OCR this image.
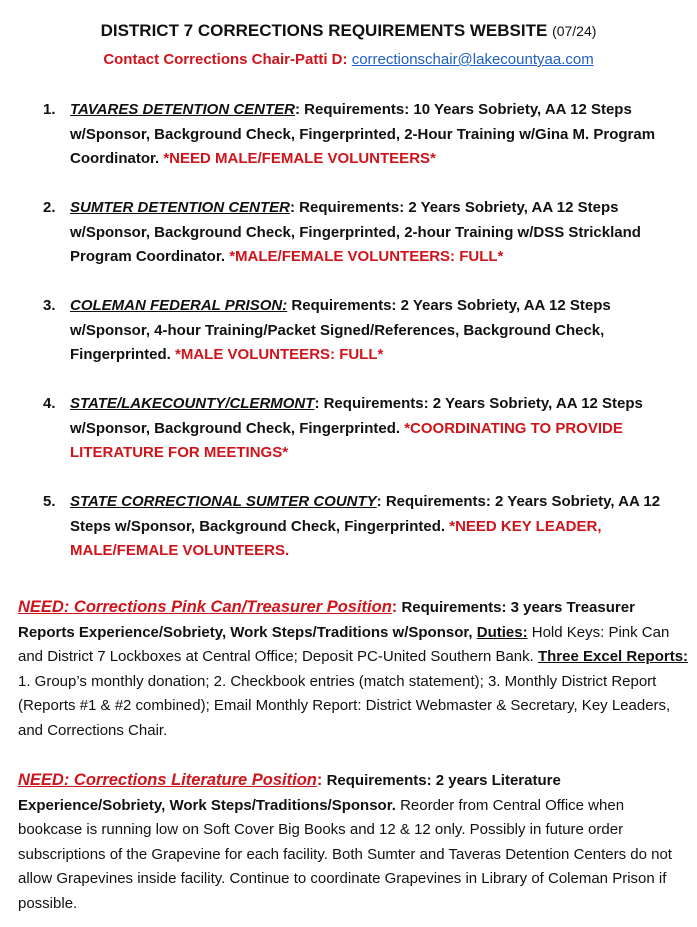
DISTRICT 7 CORRECTIONS REQUIREMENTS WEBSITE (07/24)
Contact Corrections Chair-Patti D: correctionschair@lakecountyaa.com
1. TAVARES DETENTION CENTER: Requirements: 10 Years Sobriety, AA 12 Steps w/Sponsor, Background Check, Fingerprinted, 2-Hour Training w/Gina M. Program Coordinator. *NEED MALE/FEMALE VOLUNTEERS*
2. SUMTER DETENTION CENTER: Requirements: 2 Years Sobriety, AA 12 Steps w/Sponsor, Background Check, Fingerprinted, 2-hour Training w/DSS Strickland Program Coordinator. *MALE/FEMALE VOLUNTEERS: FULL*
3. COLEMAN FEDERAL PRISON: Requirements: 2 Years Sobriety, AA 12 Steps w/Sponsor, 4-hour Training/Packet Signed/References, Background Check, Fingerprinted. *MALE VOLUNTEERS: FULL*
4. STATE/LAKECOUNTY/CLERMONT: Requirements: 2 Years Sobriety, AA 12 Steps w/Sponsor, Background Check, Fingerprinted. *COORDINATING TO PROVIDE LITERATURE FOR MEETINGS*
5. STATE CORRECTIONAL SUMTER COUNTY: Requirements: 2 Years Sobriety, AA 12 Steps w/Sponsor, Background Check, Fingerprinted. *NEED KEY LEADER, MALE/FEMALE VOLUNTEERS.
NEED: Corrections Pink Can/Treasurer Position: Requirements: 3 years Treasurer Reports Experience/Sobriety, Work Steps/Traditions w/Sponsor, Duties: Hold Keys: Pink Can and District 7 Lockboxes at Central Office; Deposit PC-United Southern Bank. Three Excel Reports: 1. Group’s monthly donation; 2. Checkbook entries (match statement); 3. Monthly District Report (Reports #1 & #2 combined); Email Monthly Report: District Webmaster & Secretary, Key Leaders, and Corrections Chair.
NEED: Corrections Literature Position: Requirements: 2 years Literature Experience/Sobriety, Work Steps/Traditions/Sponsor. Reorder from Central Office when bookcase is running low on Soft Cover Big Books and 12 & 12 only. Possibly in future order subscriptions of the Grapevine for each facility. Both Sumter and Taveras Detention Centers do not allow Grapevines inside facility. Continue to coordinate Grapevines in Library of Coleman Prison if possible.
